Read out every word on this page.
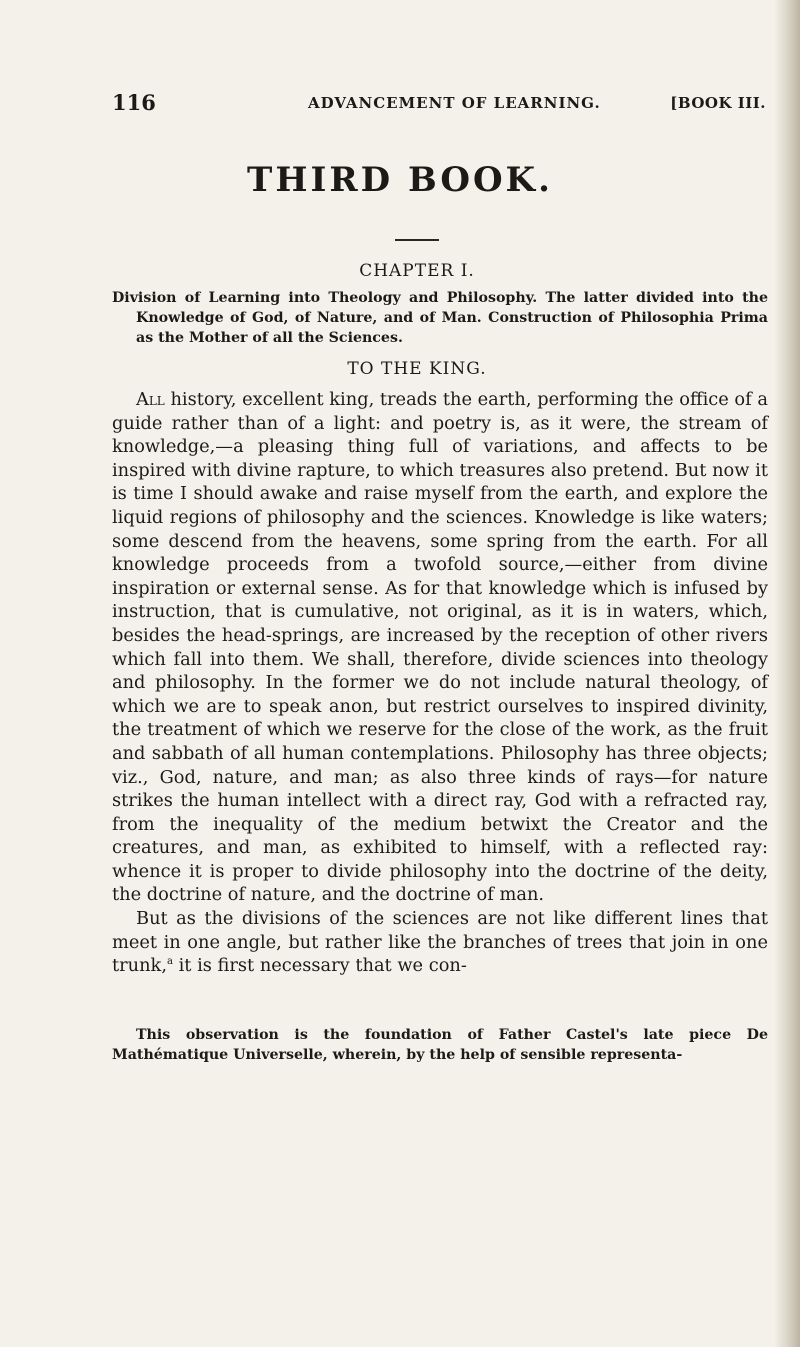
116	ADVANCEMENT OF LEARNING.	[BOOK III.
THIRD BOOK.
CHAPTER I.
Division of Learning into Theology and Philosophy. The latter divided into the Knowledge of God, of Nature, and of Man. Construction of Philosophia Prima as the Mother of all the Sciences.
TO THE KING.

All history, excellent king, treads the earth, performing the office of a guide rather than of a light: and poetry is, as it were, the stream of knowledge,—a pleasing thing full of variations, and affects to be inspired with divine rapture, to which treasures also pretend. But now it is time I should awake and raise myself from the earth, and explore the liquid regions of philosophy and the sciences. Knowledge is like waters; some descend from the heavens, some spring from the earth. For all knowledge proceeds from a twofold source,—either from divine inspiration or external sense. As for that knowledge which is infused by instruction, that is cumulative, not original, as it is in waters, which, besides the head-springs, are increased by the reception of other rivers which fall into them. We shall, therefore, divide sciences into theology and philosophy. In the former we do not include natural theology, of which we are to speak anon, but restrict ourselves to inspired divinity, the treatment of which we reserve for the close of the work, as the fruit and sabbath of all human contemplations. Philosophy has three objects; viz., God, nature, and man; as also three kinds of rays—for nature strikes the human intellect with a direct ray, God with a refracted ray, from the inequality of the medium betwixt the Creator and the creatures, and man, as exhibited to himself, with a reflected ray: whence it is proper to divide philosophy into the doctrine of the deity, the doctrine of nature, and the doctrine of man.

But as the divisions of the sciences are not like different lines that meet in one angle, but rather like the branches of trees that join in one trunk,$^a$ it is first necessary that we con-

This observation is the foundation of Father Castel's late piece De Mathématique Universelle, wherein, by the help of sensible representa-
